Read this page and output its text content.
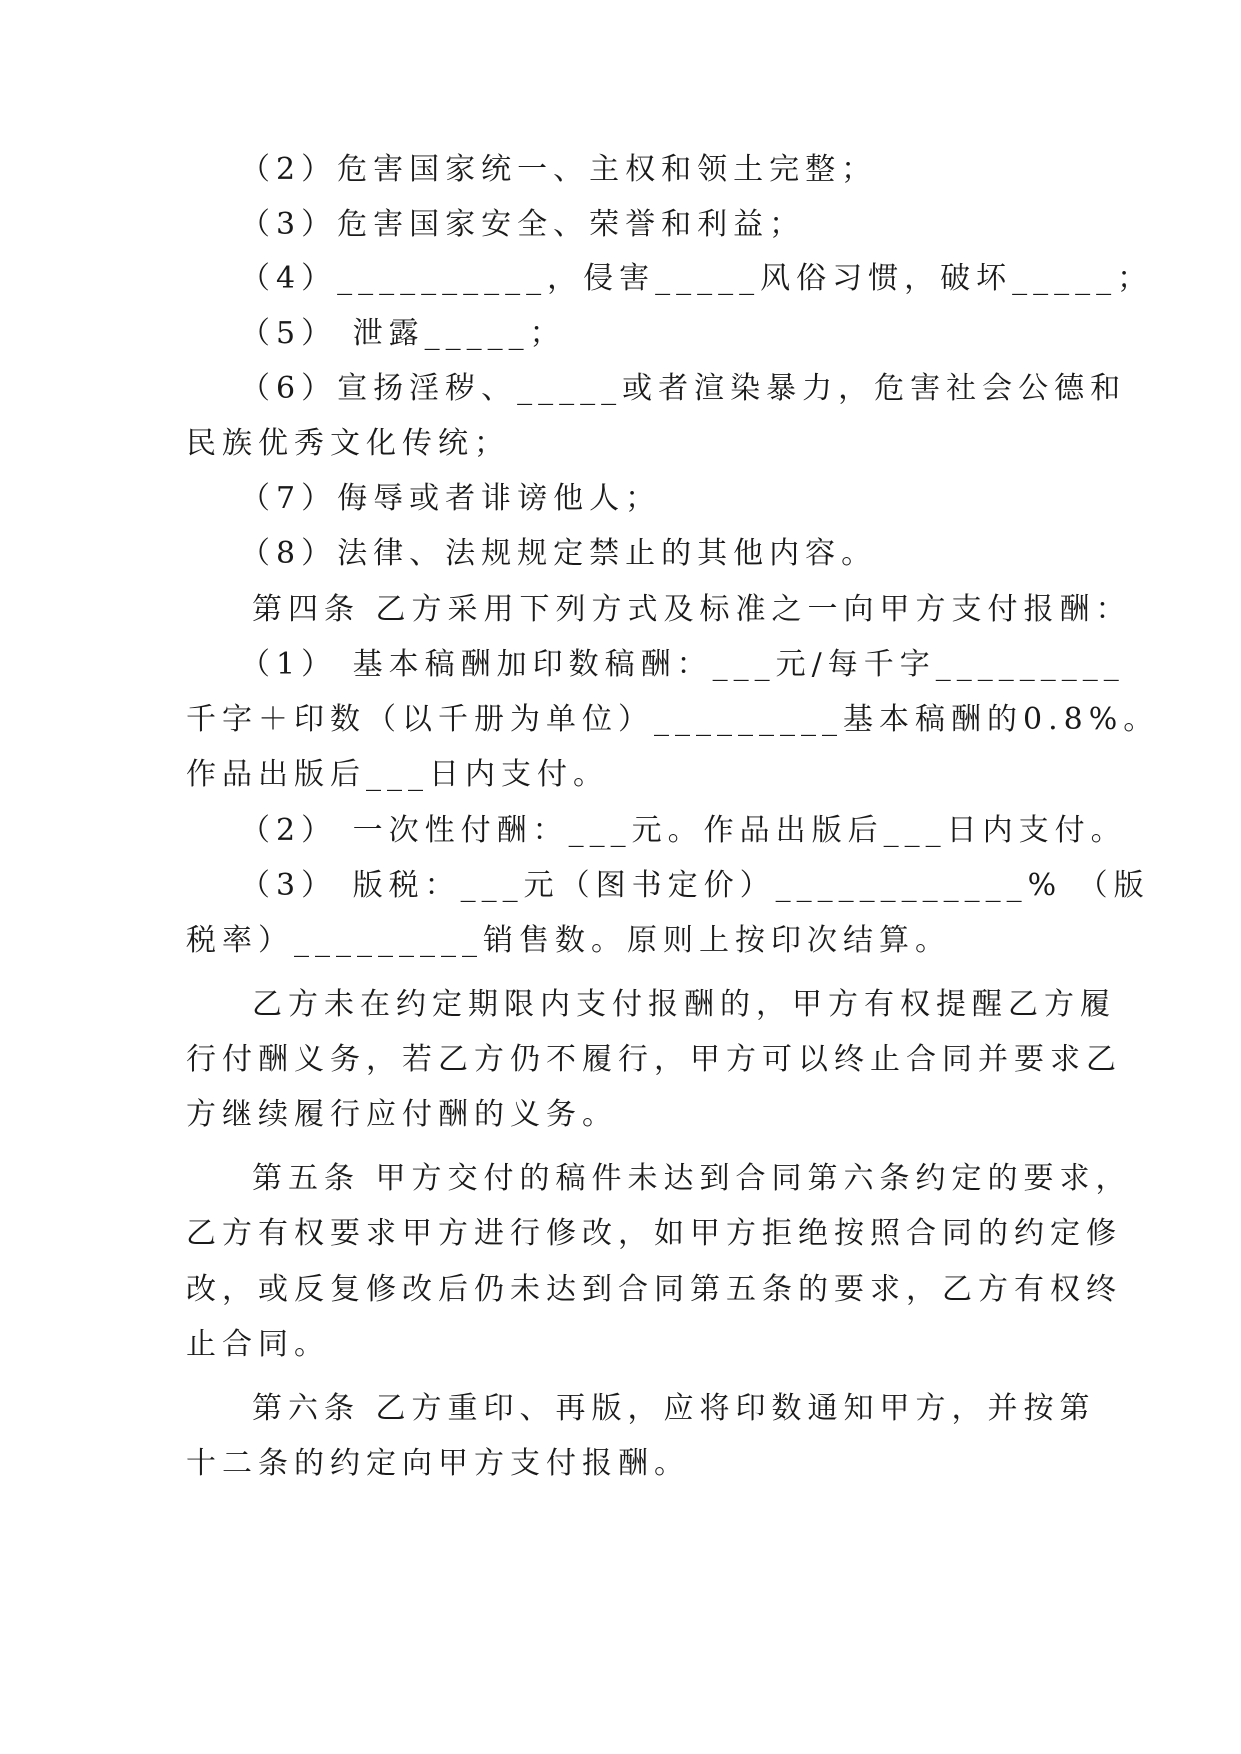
（2）危害国家统一、主权和领土完整；
（3）危害国家安全、荣誉和利益；
（4）__________，侵害_____风俗习惯，破坏_____；
（5） 泄露_____；
（6）宣扬淫秽、_____或者渲染暴力，危害社会公德和
民族优秀文化传统；
（7）侮辱或者诽谤他人；
（8）法律、法规规定禁止的其他内容。
第四条 乙方采用下列方式及标准之一向甲方支付报酬：
（1） 基本稿酬加印数稿酬：___元/每千字_________
千字＋印数（以千册为单位）_________基本稿酬的0.8%。
作品出版后___日内支付。
（2） 一次性付酬：___元。作品出版后___日内支付。
（3） 版税：___元（图书定价）____________% （版
税率）_________销售数。原则上按印次结算。
乙方未在约定期限内支付报酬的，甲方有权提醒乙方履
行付酬义务，若乙方仍不履行，甲方可以终止合同并要求乙
方继续履行应付酬的义务。
第五条 甲方交付的稿件未达到合同第六条约定的要求，
乙方有权要求甲方进行修改，如甲方拒绝按照合同的约定修
改，或反复修改后仍未达到合同第五条的要求，乙方有权终
止合同。
第六条 乙方重印、再版，应将印数通知甲方，并按第
十二条的约定向甲方支付报酬。
